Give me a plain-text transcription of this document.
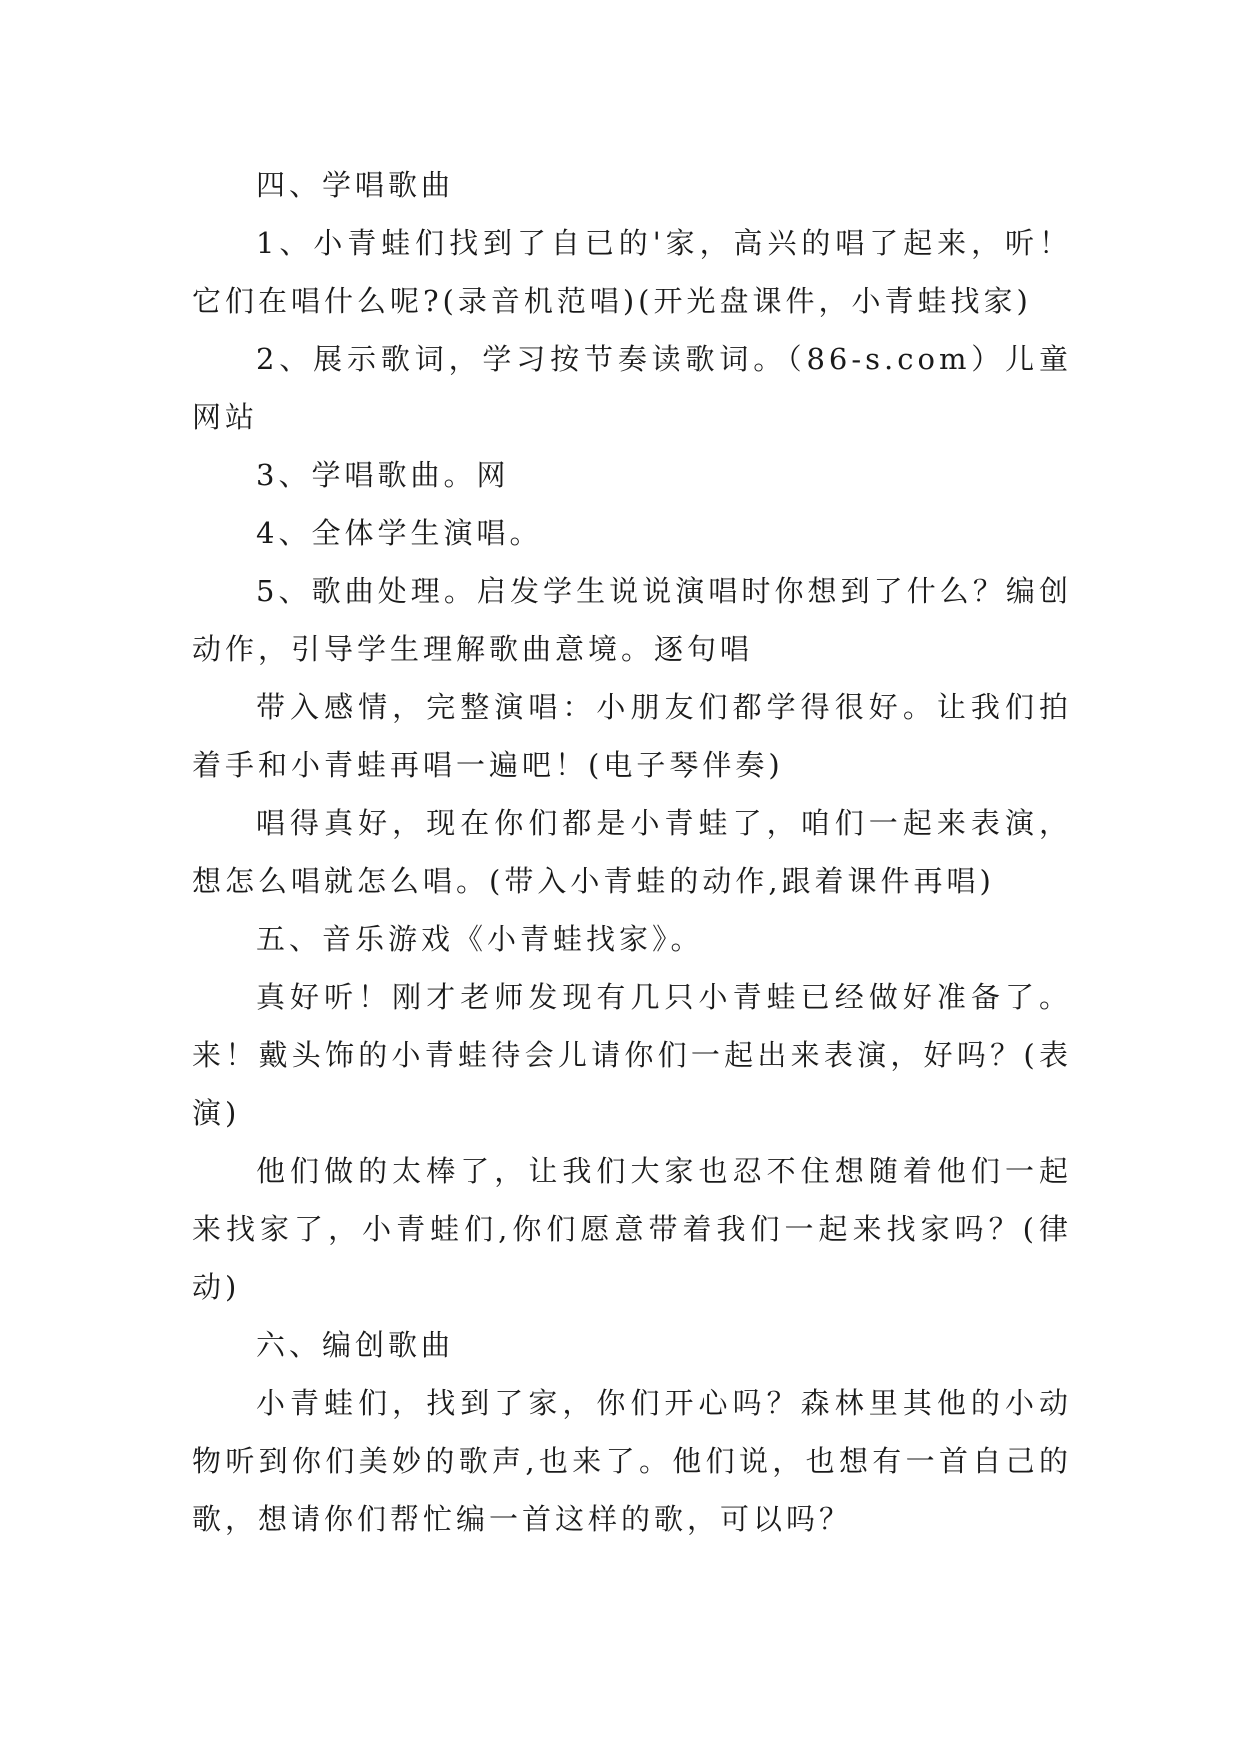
四、学唱歌曲

1、小青蛙们找到了自已的'家，高兴的唱了起来，听！它们在唱什么呢?(录音机范唱)(开光盘课件，小青蛙找家)

2、展示歌词，学习按节奏读歌词。（86-s.com）儿童网站

3、学唱歌曲。网

4、全体学生演唱。

5、歌曲处理。启发学生说说演唱时你想到了什么？编创动作，引导学生理解歌曲意境。逐句唱

带入感情，完整演唱：小朋友们都学得很好。让我们拍着手和小青蛙再唱一遍吧！(电子琴伴奏)

唱得真好，现在你们都是小青蛙了，咱们一起来表演，想怎么唱就怎么唱。(带入小青蛙的动作,跟着课件再唱)

五、音乐游戏《小青蛙找家》。

真好听！刚才老师发现有几只小青蛙已经做好准备了。来！戴头饰的小青蛙待会儿请你们一起出来表演，好吗？(表演)

他们做的太棒了，让我们大家也忍不住想随着他们一起来找家了，小青蛙们,你们愿意带着我们一起来找家吗？(律动)

六、编创歌曲

小青蛙们，找到了家，你们开心吗？森林里其他的小动物听到你们美妙的歌声,也来了。他们说，也想有一首自己的歌，想请你们帮忙编一首这样的歌，可以吗？
